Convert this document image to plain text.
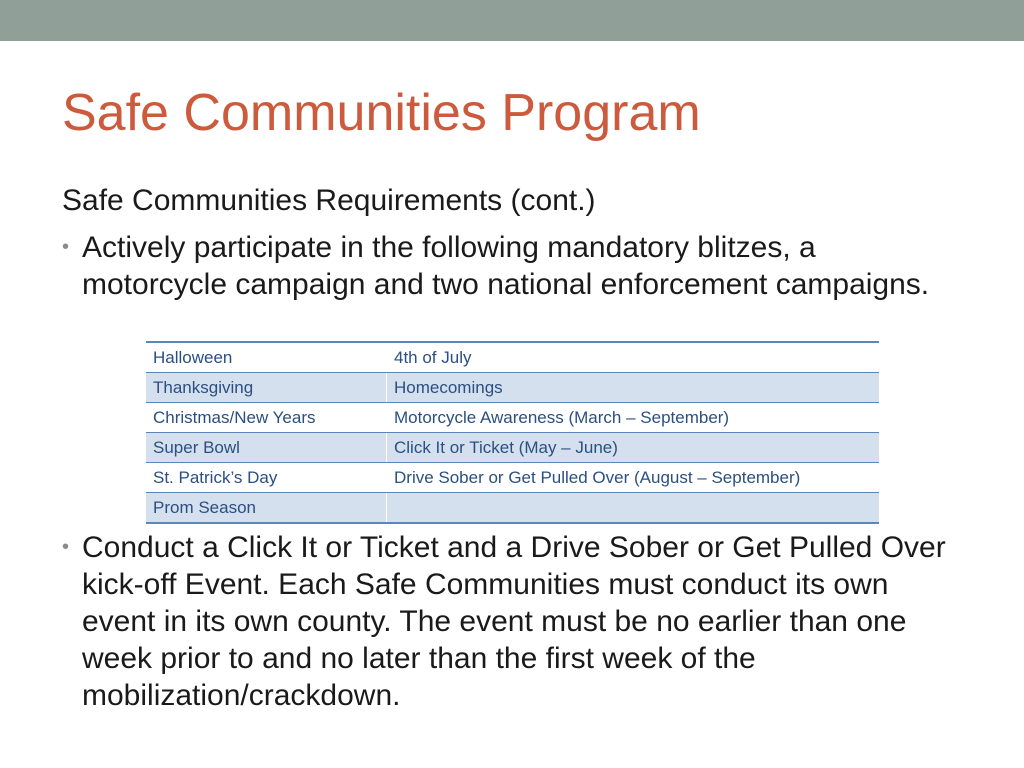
Safe Communities Program
Safe Communities Requirements (cont.)
• Actively participate in the following mandatory blitzes, a motorcycle campaign and two national enforcement campaigns.
Halloween	4th of July
Thanksgiving	Homecomings
Christmas/New Years	Motorcycle Awareness (March – September)
Super Bowl	Click It or Ticket (May – June)
St. Patrick’s Day	Drive Sober or Get Pulled Over (August – September)
Prom Season	
• Conduct a Click It or Ticket and a Drive Sober or Get Pulled Over kick-off Event. Each Safe Communities must conduct its own event in its own county. The event must be no earlier than one week prior to and no later than the first week of the mobilization/crackdown.
